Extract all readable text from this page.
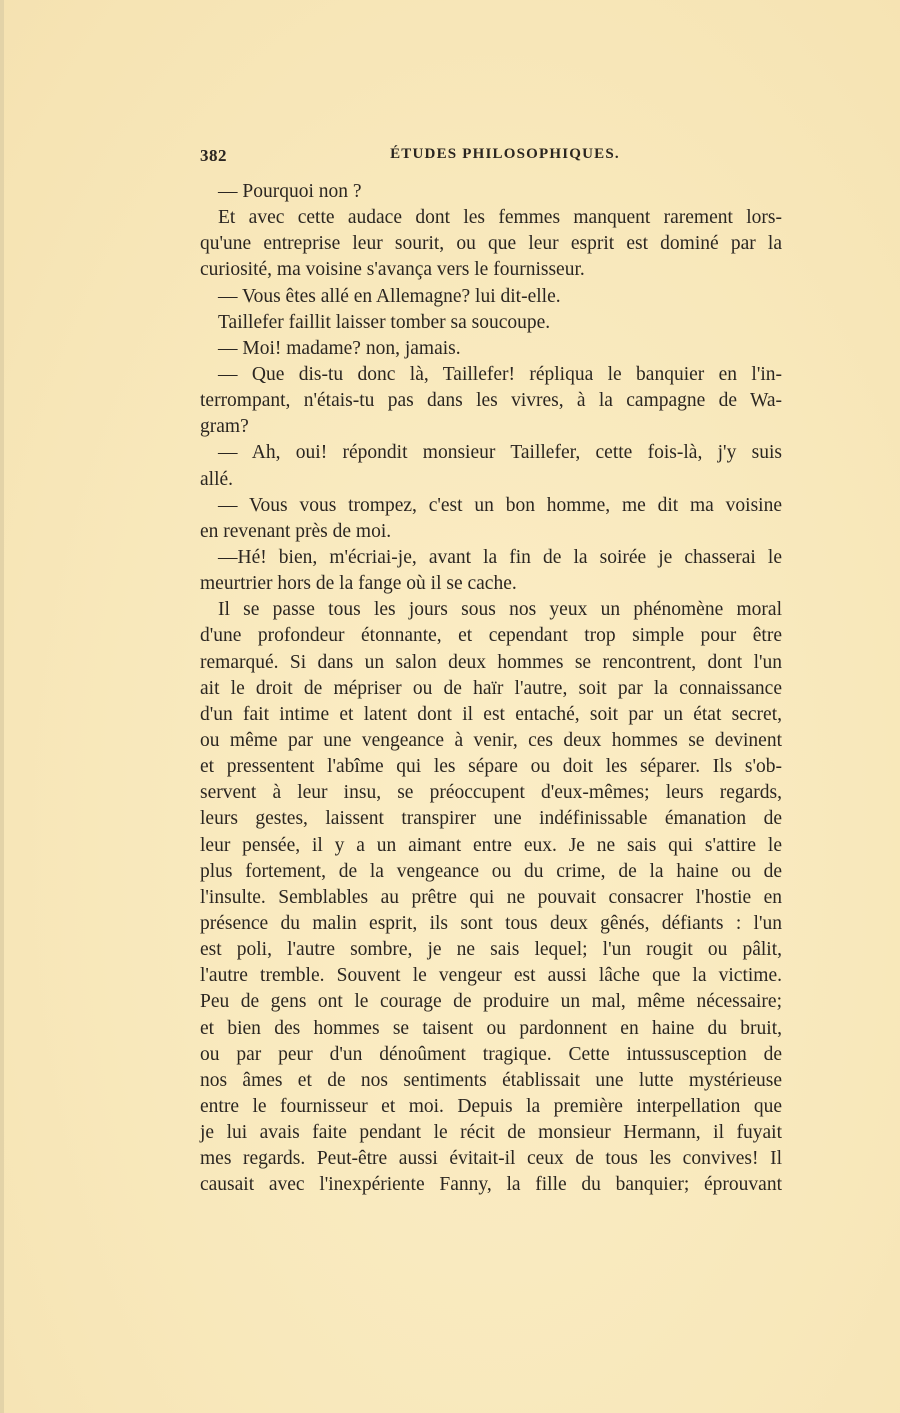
382	ÉTUDES PHILOSOPHIQUES.
— Pourquoi non ?
Et avec cette audace dont les femmes manquent rarement lors-
qu'une entreprise leur sourit, ou que leur esprit est dominé par la
curiosité, ma voisine s'avança vers le fournisseur.
— Vous êtes allé en Allemagne? lui dit-elle.
Taillefer faillit laisser tomber sa soucoupe.
— Moi! madame? non, jamais.
— Que dis-tu donc là, Taillefer! répliqua le banquier en l'in-
terrompant, n'étais-tu pas dans les vivres, à la campagne de Wa-
gram?
— Ah, oui! répondit monsieur Taillefer, cette fois-là, j'y suis
allé.
— Vous vous trompez, c'est un bon homme, me dit ma voisine
en revenant près de moi.
—Hé! bien, m'écriai-je, avant la fin de la soirée je chasserai le
meurtrier hors de la fange où il se cache.
Il se passe tous les jours sous nos yeux un phénomène moral
d'une profondeur étonnante, et cependant trop simple pour être
remarqué. Si dans un salon deux hommes se rencontrent, dont l'un
ait le droit de mépriser ou de haïr l'autre, soit par la connaissance
d'un fait intime et latent dont il est entaché, soit par un état secret,
ou même par une vengeance à venir, ces deux hommes se devinent
et pressentent l'abîme qui les sépare ou doit les séparer. Ils s'ob-
servent à leur insu, se préoccupent d'eux-mêmes; leurs regards,
leurs gestes, laissent transpirer une indéfinissable émanation de
leur pensée, il y a un aimant entre eux. Je ne sais qui s'attire le
plus fortement, de la vengeance ou du crime, de la haine ou de
l'insulte. Semblables au prêtre qui ne pouvait consacrer l'hostie en
présence du malin esprit, ils sont tous deux gênés, défiants : l'un
est poli, l'autre sombre, je ne sais lequel; l'un rougit ou pâlit,
l'autre tremble. Souvent le vengeur est aussi lâche que la victime.
Peu de gens ont le courage de produire un mal, même nécessaire;
et bien des hommes se taisent ou pardonnent en haine du bruit,
ou par peur d'un dénoûment tragique. Cette intussusception de
nos âmes et de nos sentiments établissait une lutte mystérieuse
entre le fournisseur et moi. Depuis la première interpellation que
je lui avais faite pendant le récit de monsieur Hermann, il fuyait
mes regards. Peut-être aussi évitait-il ceux de tous les convives! Il
causait avec l'inexpériente Fanny, la fille du banquier; éprouvant
